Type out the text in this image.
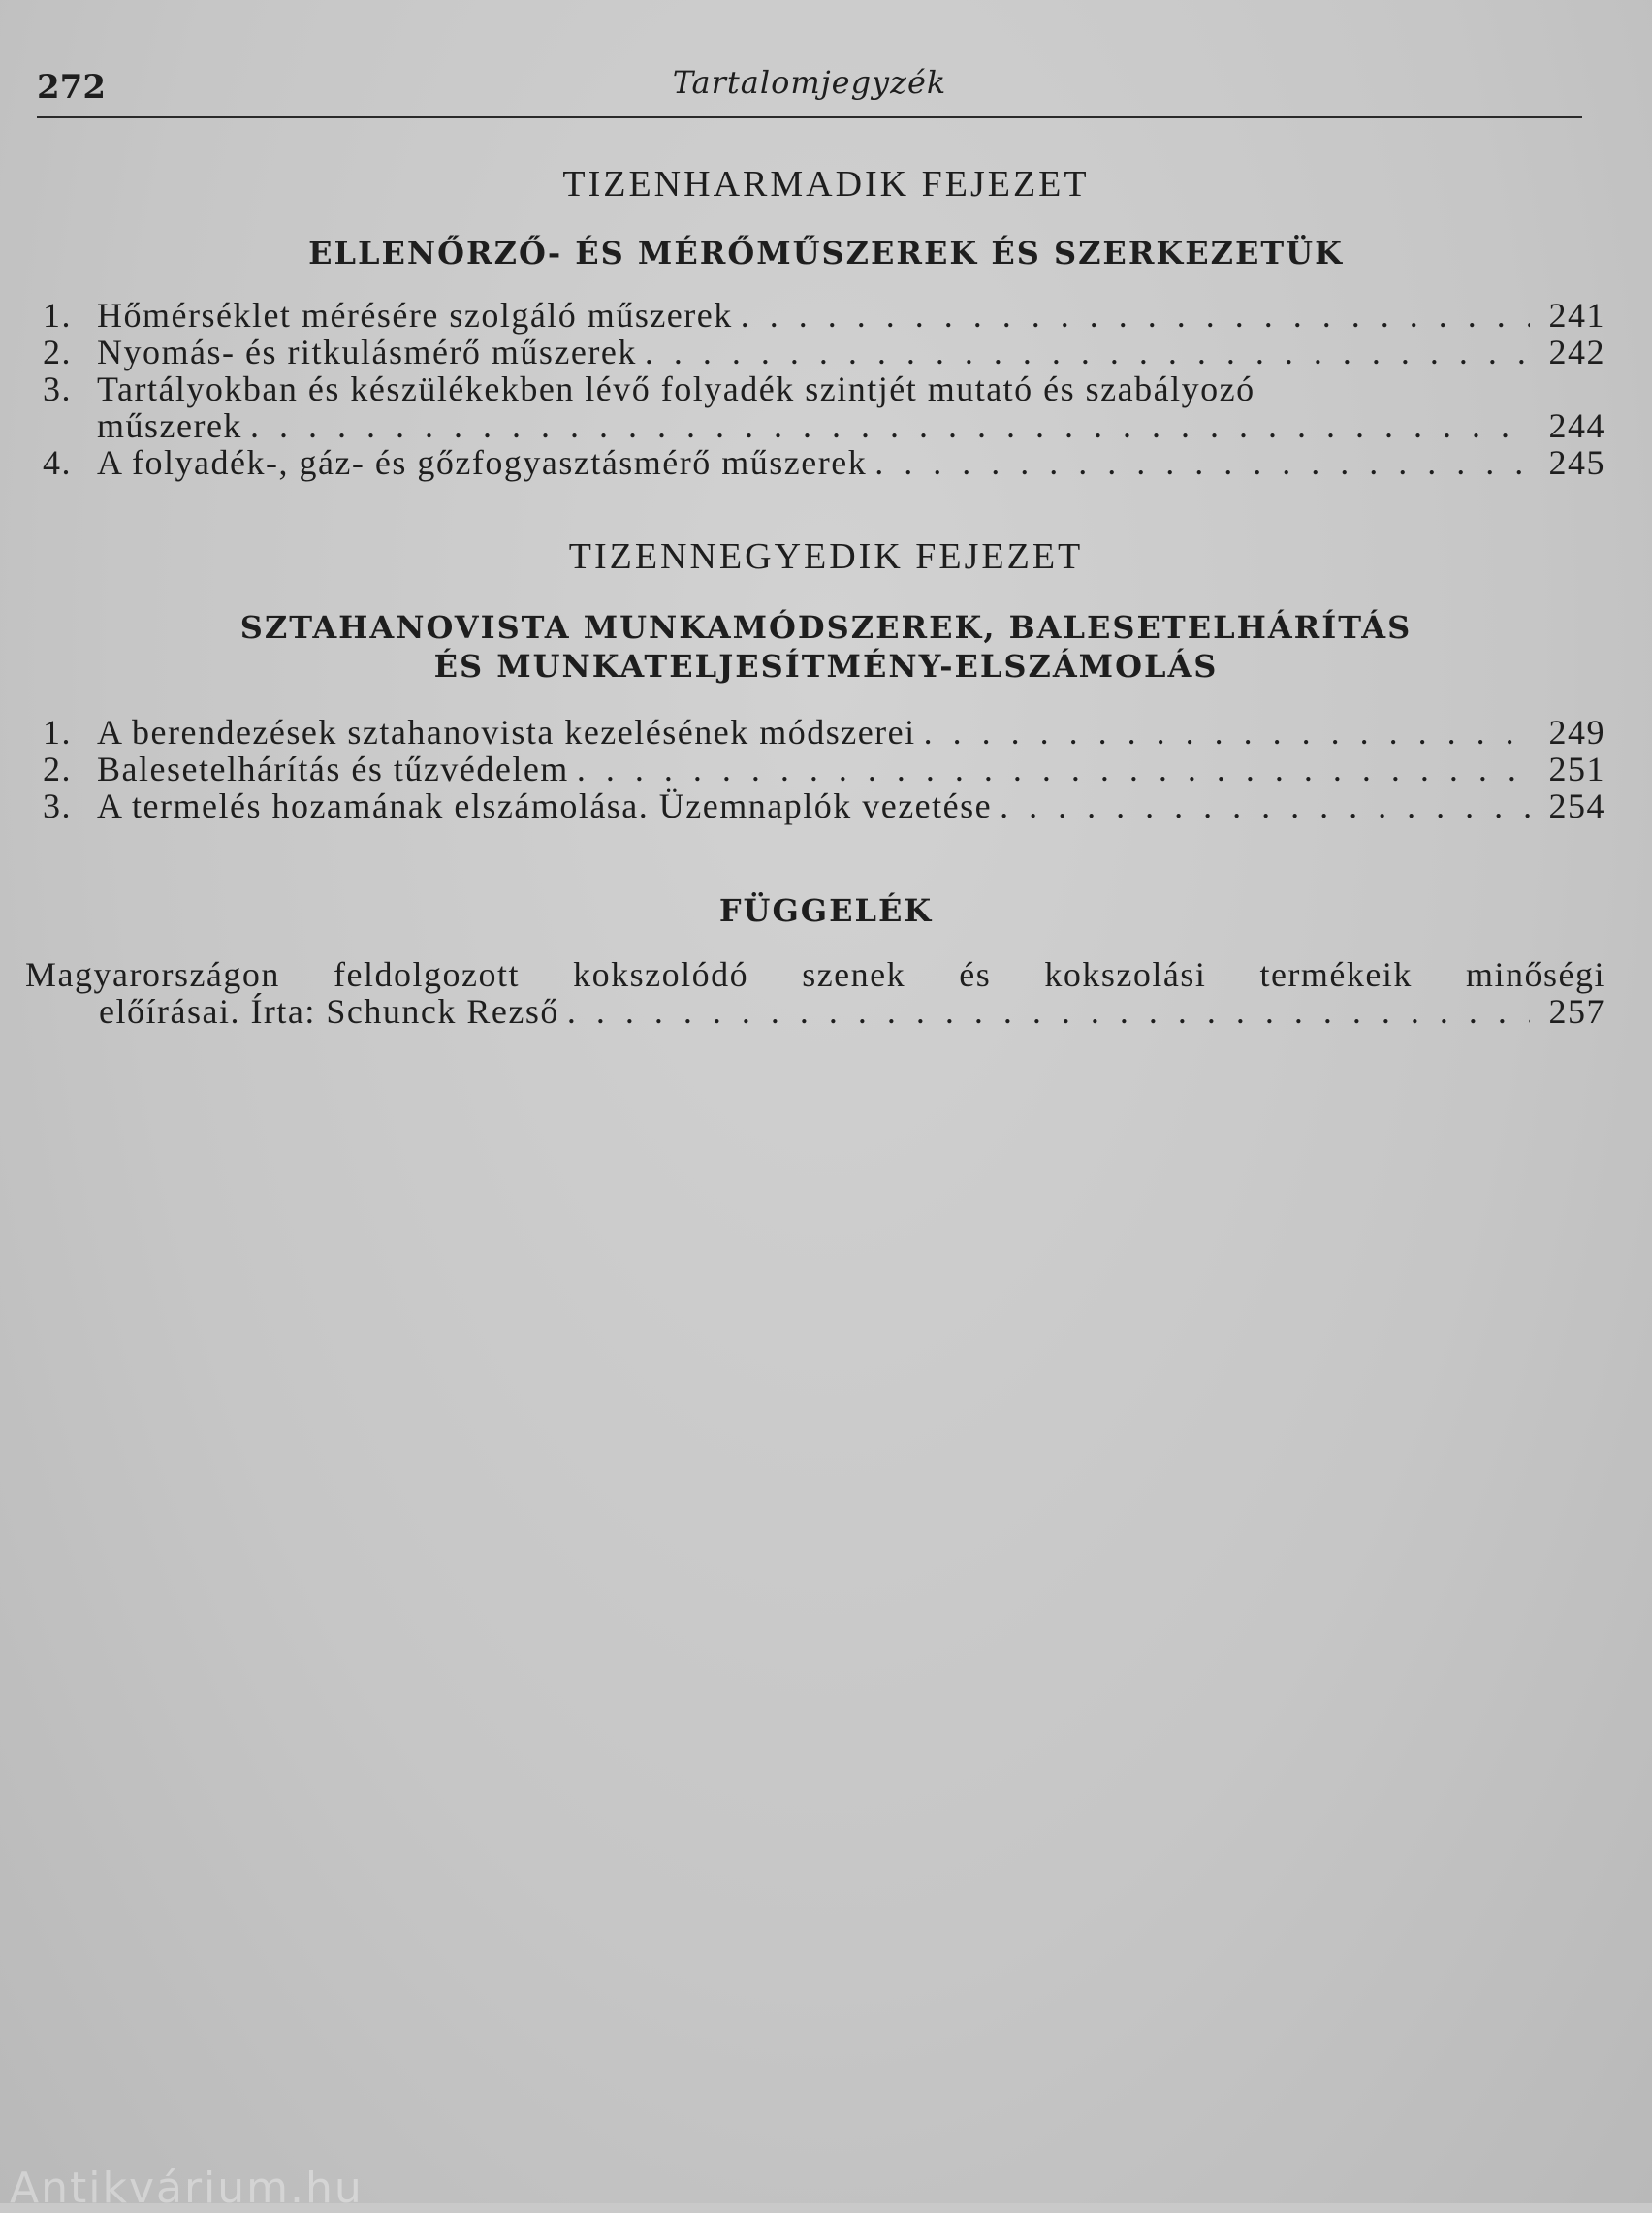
272	Tartalomjegyzék
TIZENHARMADIK FEJEZET
ELLENŐRZŐ- ÉS MÉRŐMŰSZEREK ÉS SZERKEZETÜK
1. Hőmérséklet mérésére szolgáló műszerek . . .	241
2. Nyomás- és ritkulásmérő műszerek . . .	242
3. Tartályokban és készülékekben lévő folyadék szintjét mutató és szabályozó
műszerek . . .	244
4. A folyadék-, gáz- és gőzfogyasztásmérő műszerek . . .	245
TIZENNEGYEDIK FEJEZET
SZTAHANOVISTA MUNKAMÓDSZEREK, BALESETELHÁRÍTÁS
ÉS MUNKATELJESÍTMÉNY-ELSZÁMOLÁS
1. A berendezések sztahanovista kezelésének módszerei . . .	249
2. Balesetelhárítás és tűzvédelem . . .	251
3. A termelés hozamának elszámolása. Üzemnaplók vezetése . . .	254
FÜGGELÉK
Magyarországon feldolgozott kokszolódó szenek és kokszolási termékeik minőségi
előírásai. Írta: Schunck Rezső . . .	257
Antikvárium.hu
